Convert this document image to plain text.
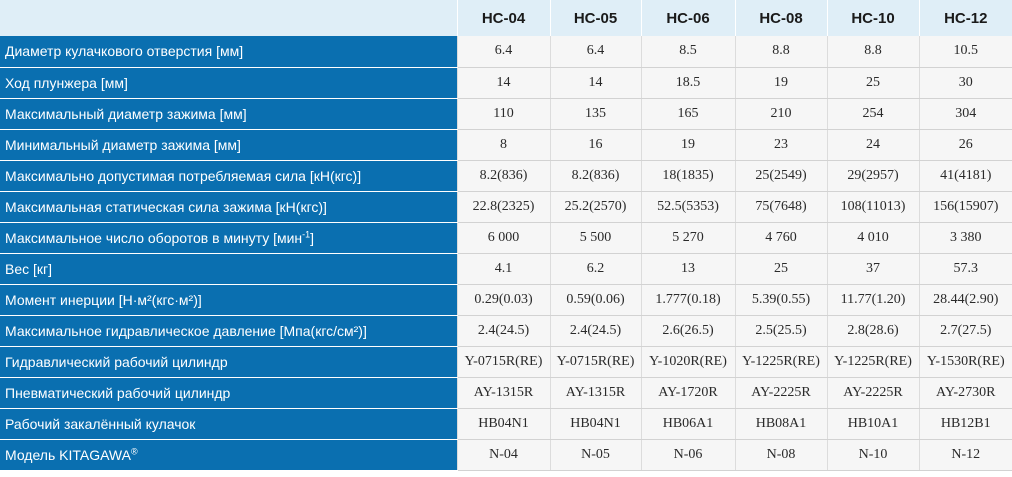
	HC-04	HC-05	HC-06	HC-08	HC-10	HC-12
Диаметр кулачкового отверстия [мм]	6.4	6.4	8.5	8.8	8.8	10.5
Ход плунжера [мм]	14	14	18.5	19	25	30
Максимальный диаметр зажима [мм]	110	135	165	210	254	304
Минимальный диаметр зажима [мм]	8	16	19	23	24	26
Максимально допустимая потребляемая сила [кН(кгс)]	8.2(836)	8.2(836)	18(1835)	25(2549)	29(2957)	41(4181)
Максимальная статическая сила зажима [кН(кгс)]	22.8(2325)	25.2(2570)	52.5(5353)	75(7648)	108(11013)	156(15907)
Максимальное число оборотов в минуту [мин$^{-1}$]	6 000	5 500	5 270	4 760	4 010	3 380
Вес [кг]	4.1	6.2	13	25	37	57.3
Момент инерции [Н·м²(кгс·м²)]	0.29(0.03)	0.59(0.06)	1.777(0.18)	5.39(0.55)	11.77(1.20)	28.44(2.90)
Максимальное гидравлическое давление [Мпа(кгс/см²)]	2.4(24.5)	2.4(24.5)	2.6(26.5)	2.5(25.5)	2.8(28.6)	2.7(27.5)
Гидравлический рабочий цилиндр	Y-0715R(RE)	Y-0715R(RE)	Y-1020R(RE)	Y-1225R(RE)	Y-1225R(RE)	Y-1530R(RE)
Пневматический рабочий цилиндр	AY-1315R	AY-1315R	AY-1720R	AY-2225R	AY-2225R	AY-2730R
Рабочий закалённый кулачок	HB04N1	HB04N1	HB06A1	HB08A1	HB10A1	HB12B1
Модель KITAGAWA®	N-04	N-05	N-06	N-08	N-10	N-12
